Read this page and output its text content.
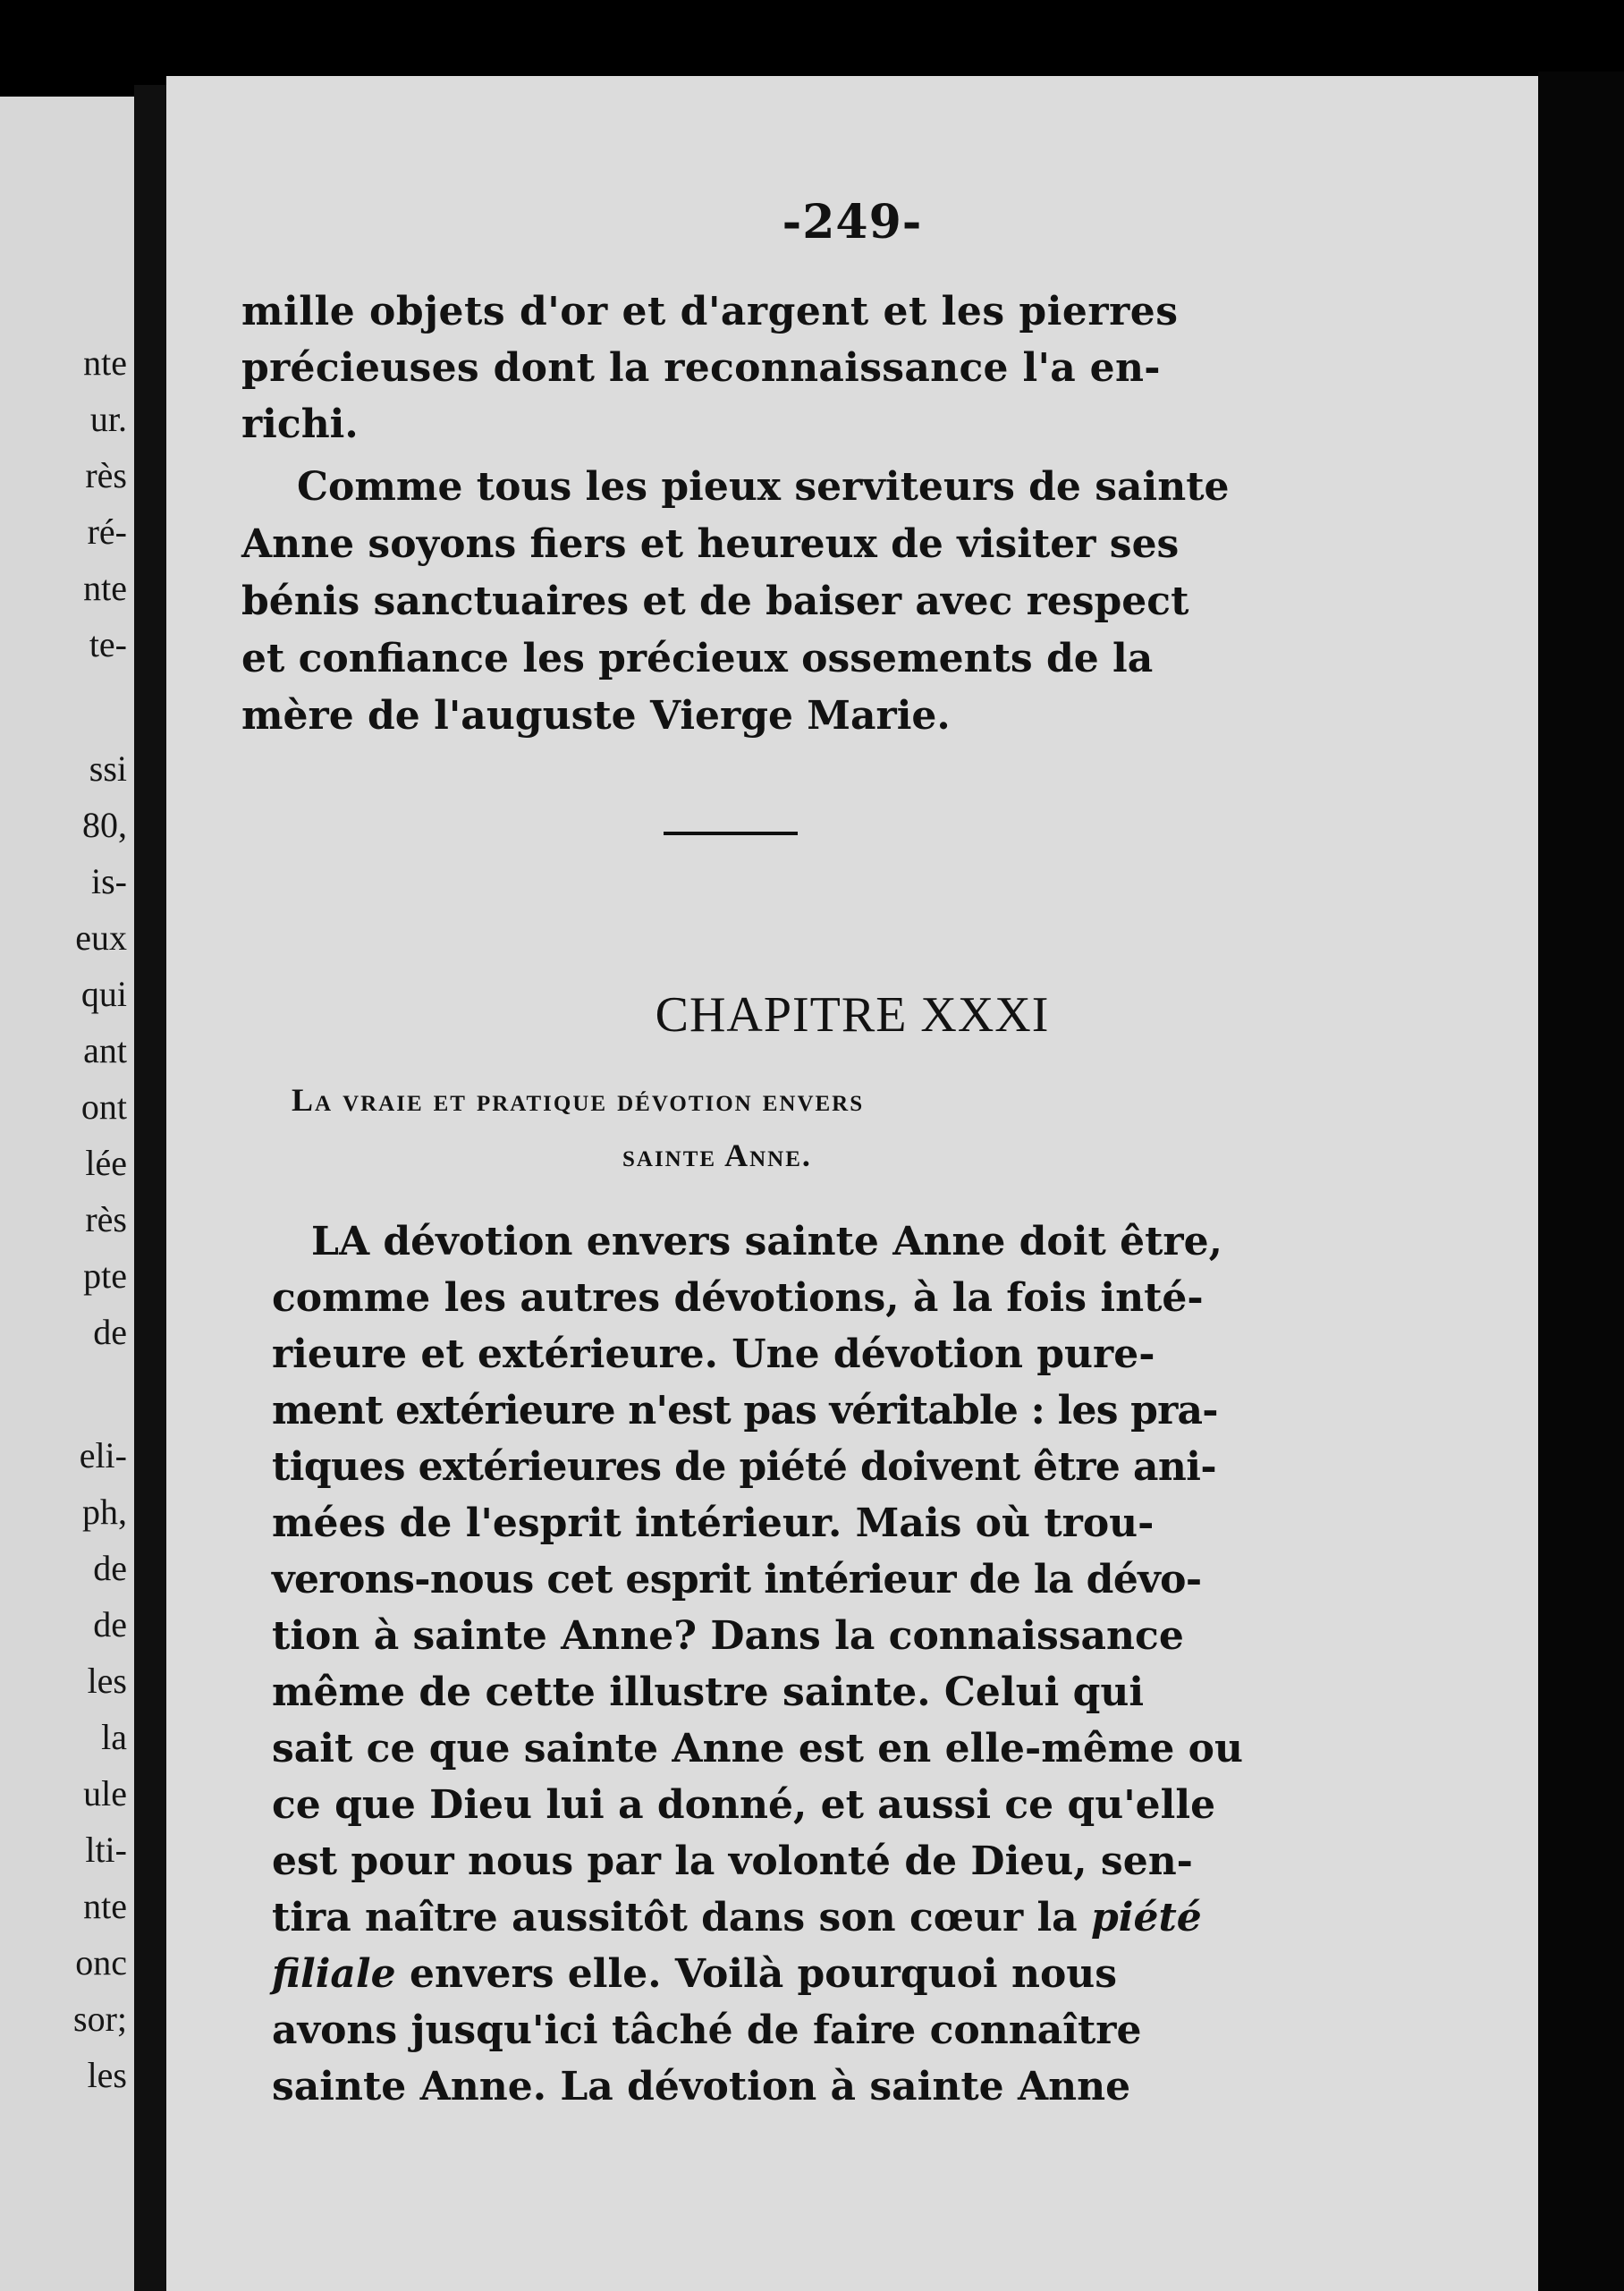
nte
ur.
rès
ré-
nte
te-
ssi
80,
is-
eux
qui
ant
ont
lée
rès
pte
de
eli-
ph,
de
de
les
la
ule
lti-
nte
onc
sor;
les
-249-
mille objets d'or et d'argent et les pierres
précieuses dont la reconnaissance l'a en-
richi.
Comme tous les pieux serviteurs de sainte
Anne soyons fiers et heureux de visiter ses
bénis sanctuaires et de baiser avec respect
et confiance les précieux ossements de la
mère de l'auguste Vierge Marie.
CHAPITRE XXXI
La vraie et pratique dévotion envers
sainte Anne.
LA dévotion envers sainte Anne doit être,
comme les autres dévotions, à la fois inté-
rieure et extérieure. Une dévotion pure-
ment extérieure n'est pas véritable : les pra-
tiques extérieures de piété doivent être ani-
mées de l'esprit intérieur. Mais où trou-
verons-nous cet esprit intérieur de la dévo-
tion à sainte Anne? Dans la connaissance
même de cette illustre sainte. Celui qui
sait ce que sainte Anne est en elle-même ou
ce que Dieu lui a donné, et aussi ce qu'elle
est pour nous par la volonté de Dieu, sen-
tira naître aussitôt dans son cœur la piété
filiale envers elle. Voilà pourquoi nous
avons jusqu'ici tâché de faire connaître
sainte Anne. La dévotion à sainte Anne
